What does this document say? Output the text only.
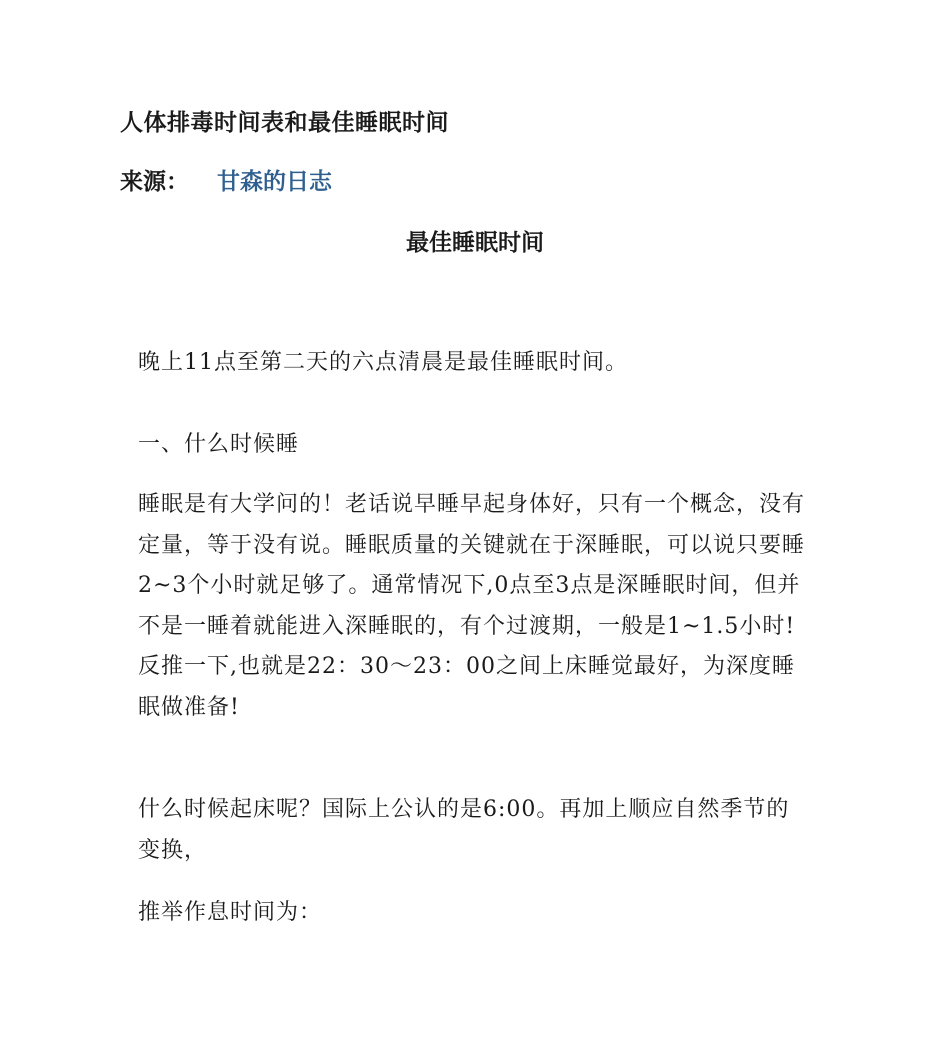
人体排毒时间表和最佳睡眠时间
来源： 甘森的日志
最佳睡眠时间
晚上11点至第二天的六点清晨是最佳睡眠时间。
一、什么时候睡
睡眠是有大学问的！老话说早睡早起身体好，只有一个概念，没有定量，等于没有说。睡眠质量的关键就在于深睡眠，可以说只要睡2~3个小时就足够了。通常情况下,0点至3点是深睡眠时间，但并不是一睡着就能进入深睡眠的，有个过渡期，一般是1~1.5小时!反推一下,也就是22：30～23：00之间上床睡觉最好，为深度睡眠做准备!
什么时候起床呢？国际上公认的是6:00。再加上顺应自然季节的变换，
推举作息时间为：
